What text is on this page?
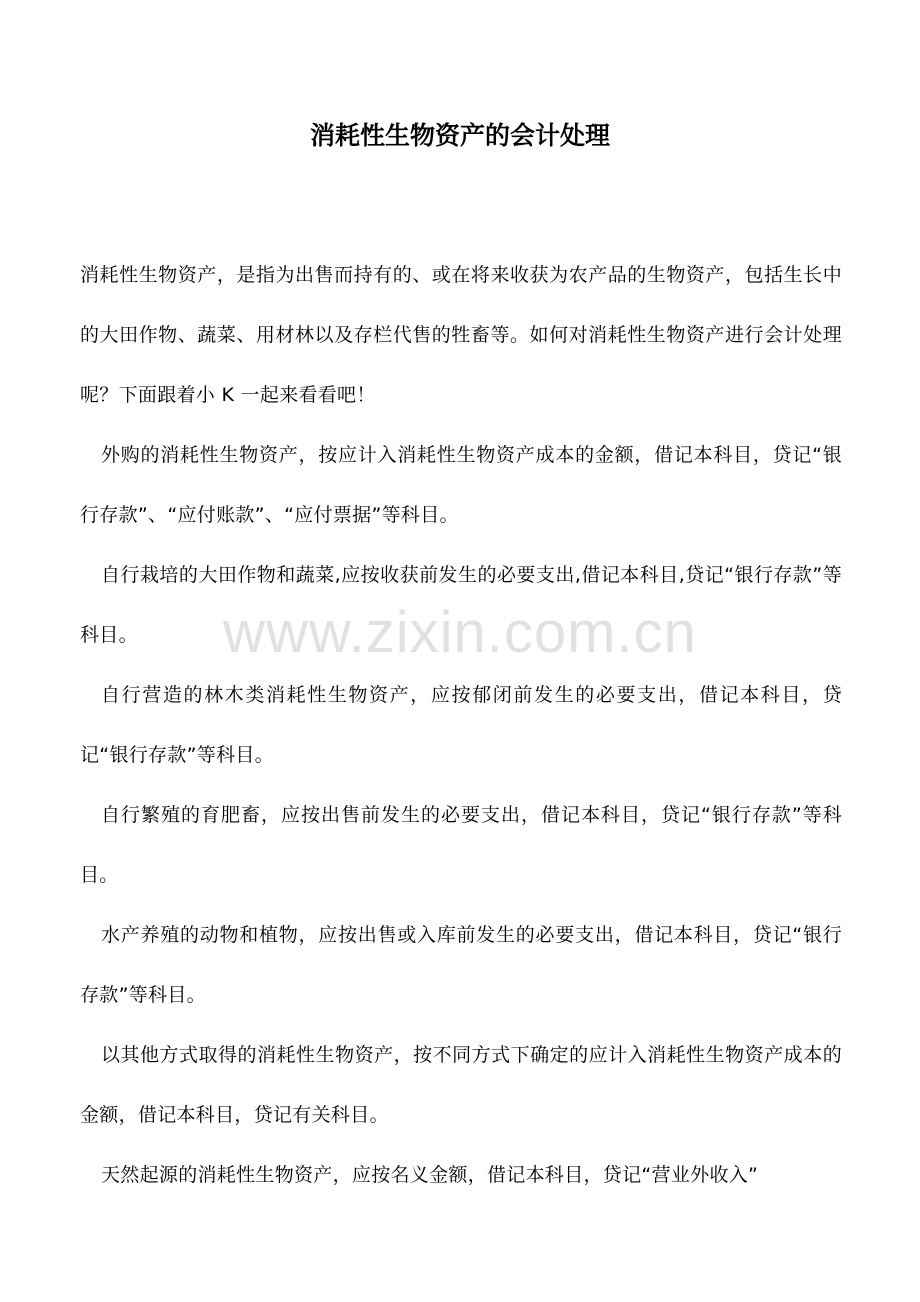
消耗性生物资产的会计处理

消耗性生物资产，是指为出售而持有的、或在将来收获为农产品的生物资产，包括生长中的大田作物、蔬菜、用材林以及存栏代售的牲畜等。如何对消耗性生物资产进行会计处理呢？下面跟着小 K 一起来看看吧！

外购的消耗性生物资产，按应计入消耗性生物资产成本的金额，借记本科目，贷记“银行存款”、“应付账款”、“应付票据”等科目。

自行栽培的大田作物和蔬菜,应按收获前发生的必要支出,借记本科目,贷记“银行存款”等科目。

自行营造的林木类消耗性生物资产，应按郁闭前发生的必要支出，借记本科目，贷记“银行存款”等科目。

自行繁殖的育肥畜，应按出售前发生的必要支出，借记本科目，贷记“银行存款”等科目。

水产养殖的动物和植物，应按出售或入库前发生的必要支出，借记本科目，贷记“银行存款”等科目。

以其他方式取得的消耗性生物资产，按不同方式下确定的应计入消耗性生物资产成本的金额，借记本科目，贷记有关科目。

天然起源的消耗性生物资产，应按名义金额，借记本科目，贷记“营业外收入”

www.zixin.com.cn
